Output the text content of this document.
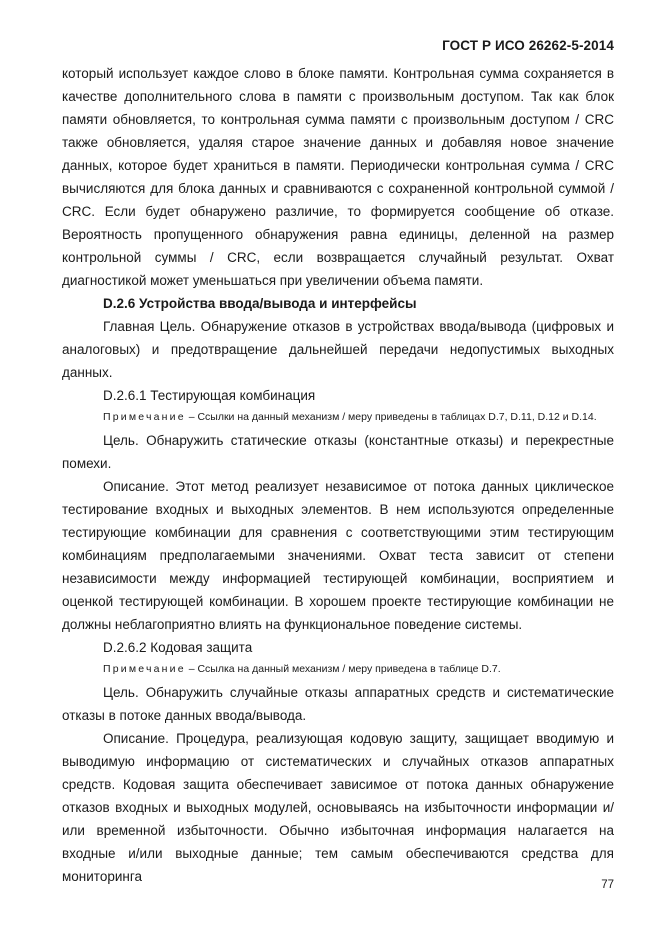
ГОСТ Р ИСО 26262-5-2014

который использует каждое слово в блоке памяти. Контрольная сумма сохраняется в качестве дополнительного слова в памяти с произвольным доступом. Так как блок памяти обновляется, то контрольная сумма памяти с произвольным доступом / CRC также обновляется, удаляя старое значение данных и добавляя новое значение данных, которое будет храниться в памяти. Периодически контрольная сумма / CRC вычисляются для блока данных и сравниваются с сохраненной контрольной суммой / CRC. Если будет обнаружено различие, то формируется сообщение об отказе. Вероятность пропущенного обнаружения равна единицы, деленной на размер контрольной суммы / CRC, если возвращается случайный результат. Охват диагностикой может уменьшаться при увеличении объема памяти.

D.2.6 Устройства ввода/вывода и интерфейсы

Главная Цель. Обнаружение отказов в устройствах ввода/вывода (цифровых и аналоговых) и предотвращение дальнейшей передачи недопустимых выходных данных.

D.2.6.1 Тестирующая комбинация

Примечание – Ссылки на данный механизм / меру приведены в таблицах D.7, D.11, D.12 и D.14.

Цель. Обнаружить статические отказы (константные отказы) и перекрестные помехи.

Описание. Этот метод реализует независимое от потока данных циклическое тестирование входных и выходных элементов. В нем используются определенные тестирующие комбинации для сравнения с соответствующими этим тестирующим комбинациям предполагаемыми значениями. Охват теста зависит от степени независимости между информацией тестирующей комбинации, восприятием и оценкой тестирующей комбинации. В хорошем проекте тестирующие комбинации не должны неблагоприятно влиять на функциональное поведение системы.

D.2.6.2 Кодовая защита

Примечание – Ссылка на данный механизм / меру приведена в таблице D.7.

Цель. Обнаружить случайные отказы аппаратных средств и систематические отказы в потоке данных ввода/вывода.

Описание. Процедура, реализующая кодовую защиту, защищает вводимую и выводимую информацию от систематических и случайных отказов аппаратных средств. Кодовая защита обеспечивает зависимое от потока данных обнаружение отказов входных и выходных модулей, основываясь на избыточности информации и/или временной избыточности. Обычно избыточная информация налагается на входные и/или выходные данные; тем самым обеспечиваются средства для мониторинга

77
